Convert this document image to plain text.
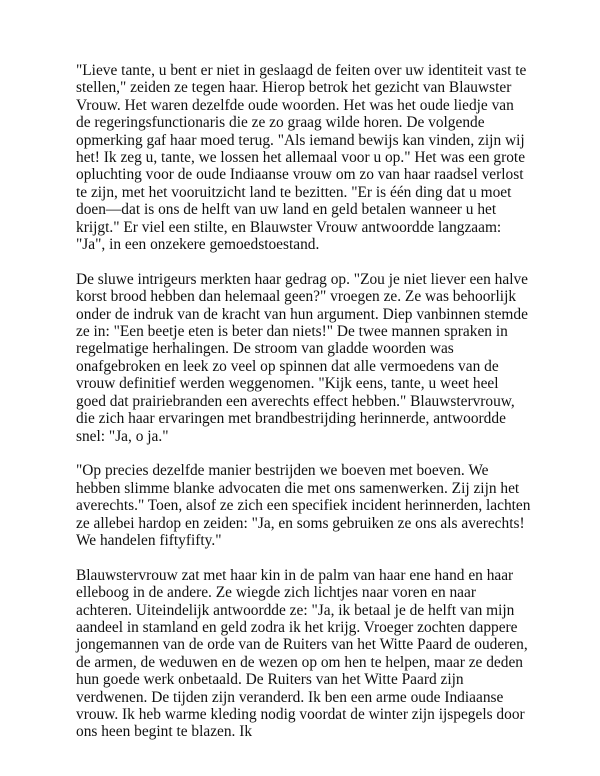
"Lieve tante, u bent er niet in geslaagd de feiten over uw identiteit vast te stellen," zeiden ze tegen haar. Hierop betrok het gezicht van Blauwster Vrouw. Het waren dezelfde oude woorden. Het was het oude liedje van de regeringsfunctionaris die ze zo graag wilde horen. De volgende opmerking gaf haar moed terug. "Als iemand bewijs kan vinden, zijn wij het! Ik zeg u, tante, we lossen het allemaal voor u op." Het was een grote opluchting voor de oude Indiaanse vrouw om zo van haar raadsel verlost te zijn, met het vooruitzicht land te bezitten. "Er is één ding dat u moet doen—dat is ons de helft van uw land en geld betalen wanneer u het krijgt." Er viel een stilte, en Blauwster Vrouw antwoordde langzaam: "Ja", in een onzekere gemoedstoestand.

De sluwe intrigeurs merkten haar gedrag op. "Zou je niet liever een halve korst brood hebben dan helemaal geen?" vroegen ze. Ze was behoorlijk onder de indruk van de kracht van hun argument. Diep vanbinnen stemde ze in: "Een beetje eten is beter dan niets!" De twee mannen spraken in regelmatige herhalingen. De stroom van gladde woorden was onafgebroken en leek zo veel op spinnen dat alle vermoedens van de vrouw definitief werden weggenomen. "Kijk eens, tante, u weet heel goed dat prairiebranden een averechts effect hebben." Blauwstervrouw, die zich haar ervaringen met brandbestrijding herinnerde, antwoordde snel: "Ja, o ja."

"Op precies dezelfde manier bestrijden we boeven met boeven. We hebben slimme blanke advocaten die met ons samenwerken. Zij zijn het averechts." Toen, alsof ze zich een specifiek incident herinnerden, lachten ze allebei hardop en zeiden: "Ja, en soms gebruiken ze ons als averechts! We handelen fiftyfifty."

Blauwstervrouw zat met haar kin in de palm van haar ene hand en haar elleboog in de andere. Ze wiegde zich lichtjes naar voren en naar achteren. Uiteindelijk antwoordde ze: "Ja, ik betaal je de helft van mijn aandeel in stamland en geld zodra ik het krijg. Vroeger zochten dappere jongemannen van de orde van de Ruiters van het Witte Paard de ouderen, de armen, de weduwen en de wezen op om hen te helpen, maar ze deden hun goede werk onbetaald. De Ruiters van het Witte Paard zijn verdwenen. De tijden zijn veranderd. Ik ben een arme oude Indiaanse vrouw. Ik heb warme kleding nodig voordat de winter zijn ijspegels door ons heen begint te blazen. Ik
